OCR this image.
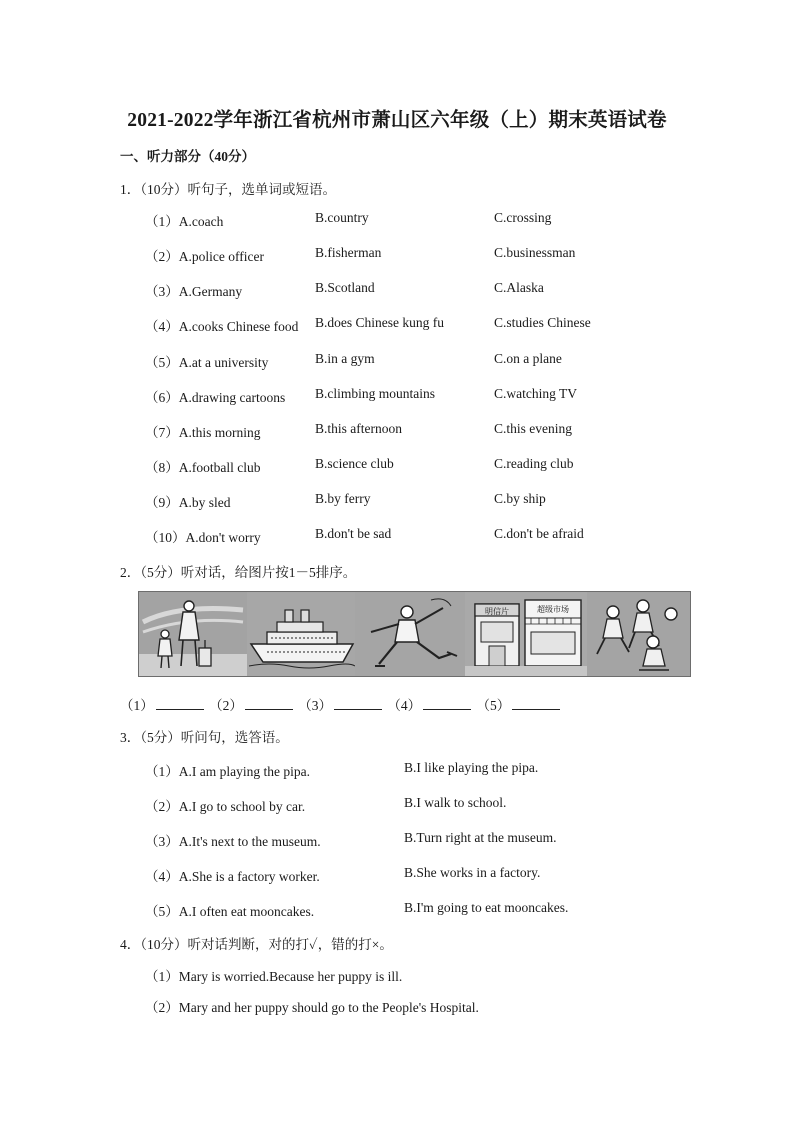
2021-2022学年浙江省杭州市萧山区六年级（上）期末英语试卷
一、听力部分（40分）
1．（10分）听句子，选单词或短语。
（1）A.coach	B.country	C.crossing
（2）A.police officer	B.fisherman	C.businessman
（3）A.Germany	B.Scotland	C.Alaska
（4）A.cooks Chinese food B.does Chinese kung fu	C.studies Chinese
（5）A.at a university	B.in a gym	C.on a plane
（6）A.drawing cartoons B.climbing mountains	C.watching TV
（7）A.this morning	B.this afternoon	C.this evening
（8）A.football club	B.science club	C.reading club
（9）A.by sled	B.by ferry	C.by ship
（10）A.don't worry	B.don't be sad	C.don't be afraid
2．（5分）听对话，给图片按1－5排序。
明信片	超级市场
（1）	（2）	（3）	（4）	（5）
3．（5分）听问句，选答语。
（1）A.I am playing the pipa.	B.I like playing the pipa.
（2）A.I go to school by car.	B.I walk to school.
（3）A.It's next to the museum.	B.Turn right at the museum.
（4）A.She is a factory worker.	B.She works in a factory.
（5）A.I often eat mooncakes.	B.I'm going to eat mooncakes.
4．（10分）听对话判断，对的打✓，错的打×。
（1）Mary is worried.Because her puppy is ill.
（2）Mary and her puppy should go to the People's Hospital.
